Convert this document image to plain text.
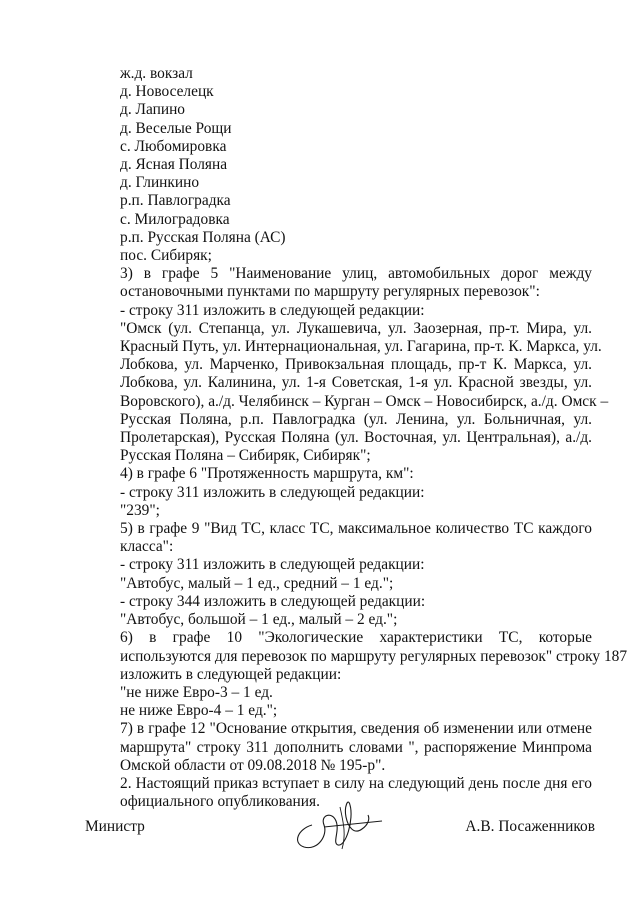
ж.д. вокзал
д. Новоселецк
д. Лапино
д. Веселые Рощи
с. Любомировка
д. Ясная Поляна
д. Глинкино
р.п. Павлоградка
с. Милоградовка
р.п. Русская Поляна (АС)
пос. Сибиряк;
3) в графе 5 "Наименование улиц, автомобильных дорог между
остановочными пунктами по маршруту регулярных перевозок":
- строку 311 изложить в следующей редакции:
"Омск (ул. Степанца, ул. Лукашевича, ул. Заозерная, пр-т. Мира, ул.
Красный Путь, ул. Интернациональная, ул. Гагарина, пр-т. К. Маркса, ул.
Лобкова, ул. Марченко, Привокзальная площадь, пр-т К. Маркса, ул.
Лобкова, ул. Калинина, ул. 1-я Советская, 1-я ул. Красной звезды, ул.
Воровского), а./д. Челябинск – Курган – Омск – Новосибирск, а./д. Омск –
Русская Поляна, р.п. Павлоградка (ул. Ленина, ул. Больничная, ул.
Пролетарская), Русская Поляна (ул. Восточная, ул. Центральная), а./д.
Русская Поляна – Сибиряк, Сибиряк";
4) в графе 6 "Протяженность маршрута, км":
- строку 311 изложить в следующей редакции:
"239";
5) в графе 9 "Вид ТС, класс ТС, максимальное количество ТС каждого
класса":
- строку 311 изложить в следующей редакции:
"Автобус, малый – 1 ед., средний – 1 ед.";
- строку 344 изложить в следующей редакции:
"Автобус, большой – 1 ед., малый – 2 ед.";
6) в графе 10 "Экологические характеристики ТС, которые
используются для перевозок по маршруту регулярных перевозок" строку 187
изложить в следующей редакции:
"не ниже Евро-3 – 1 ед.
не ниже Евро-4 – 1 ед.";
7) в графе 12 "Основание открытия, сведения об изменении или отмене
маршрута" строку 311 дополнить словами ", распоряжение Минпрома
Омской области от 09.08.2018 № 195-р".
2. Настоящий приказ вступает в силу на следующий день после дня его
официального опубликования.
Министр	А.В. Посаженников
